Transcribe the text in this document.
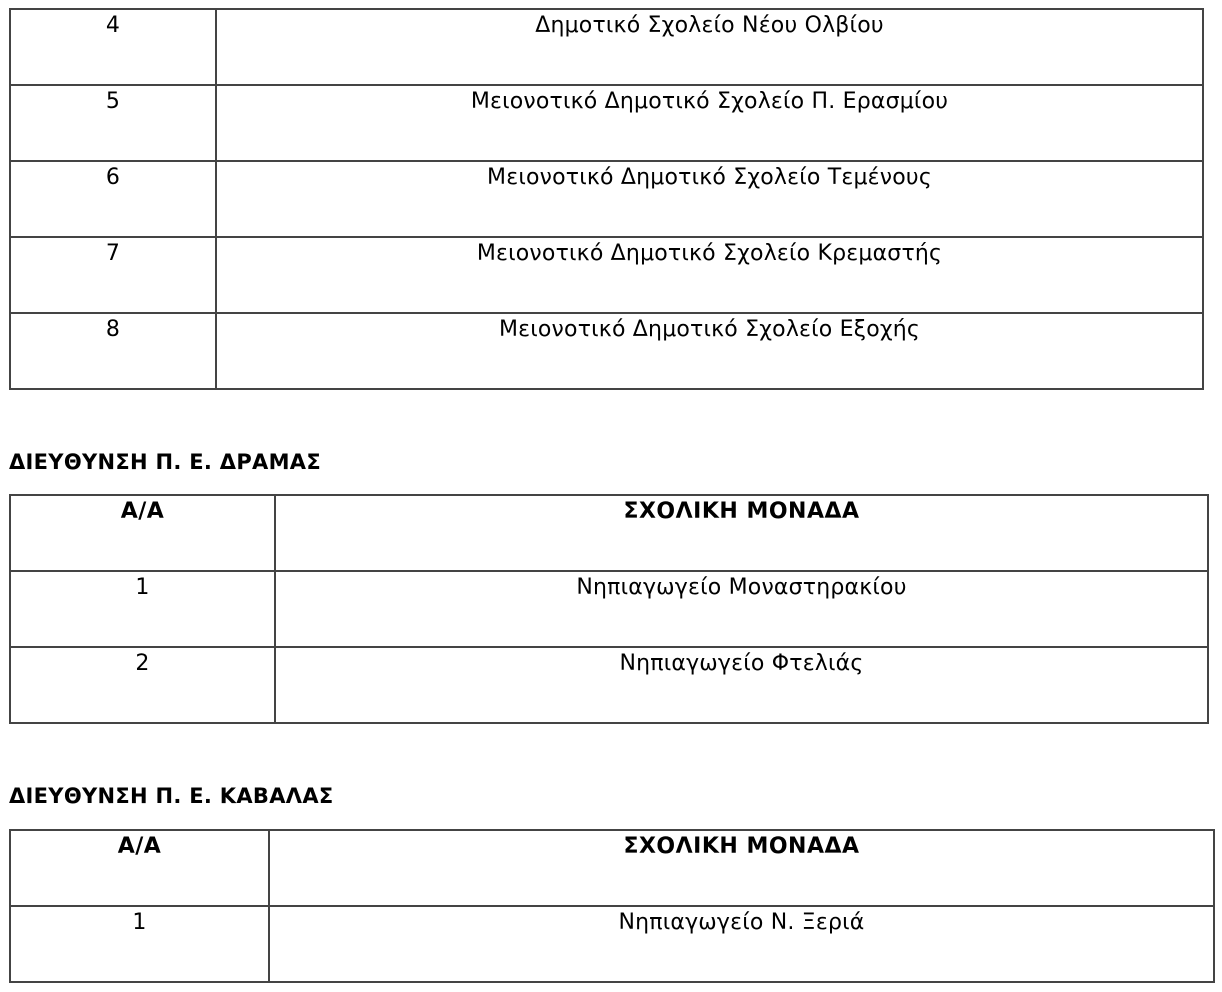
4	Δημοτικό Σχολείο Νέου Ολβίου
5	Μειονοτικό Δημοτικό Σχολείο Π. Ερασμίου
6	Μειονοτικό Δημοτικό Σχολείο Τεμένους
7	Μειονοτικό Δημοτικό Σχολείο Κρεμαστής
8	Μειονοτικό Δημοτικό Σχολείο Εξοχής
ΔΙΕΥΘΥΝΣΗ Π. Ε. ΔΡΑΜΑΣ
Α/Α	ΣΧΟΛΙΚΗ ΜΟΝΑΔΑ
1	Νηπιαγωγείο Μοναστηρακίου
2	Νηπιαγωγείο Φτελιάς
ΔΙΕΥΘΥΝΣΗ Π. Ε. ΚΑΒΑΛΑΣ
Α/Α	ΣΧΟΛΙΚΗ ΜΟΝΑΔΑ
1	Νηπιαγωγείο Ν. Ξεριά
